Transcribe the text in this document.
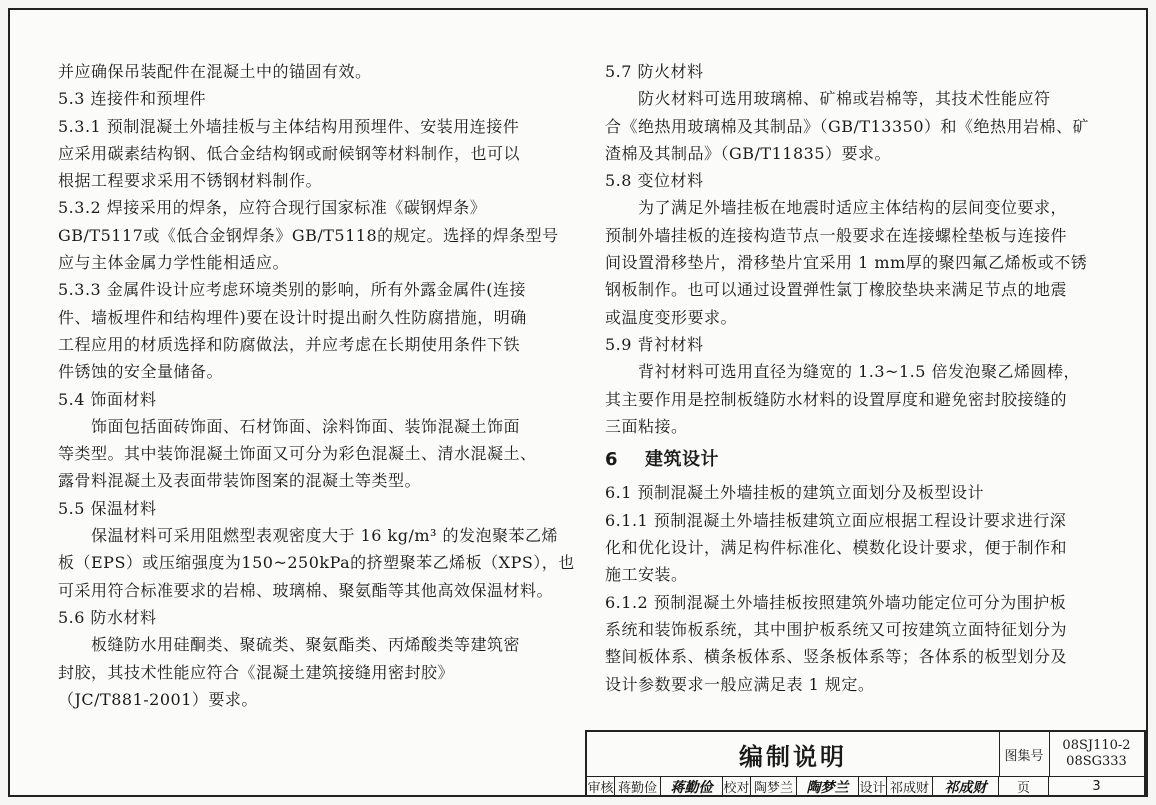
并应确保吊装配件在混凝土中的锚固有效。

5.3 连接件和预埋件

5.3.1 预制混凝土外墙挂板与主体结构用预埋件、安装用连接件

应采用碳素结构钢、低合金结构钢或耐候钢等材料制作，也可以

根据工程要求采用不锈钢材料制作。

5.3.2 焊接采用的焊条，应符合现行国家标准《碳钢焊条》

GB/T5117或《低合金钢焊条》GB/T5118的规定。选择的焊条型号

应与主体金属力学性能相适应。

5.3.3 金属件设计应考虑环境类别的影响，所有外露金属件(连接

件、墙板埋件和结构埋件)要在设计时提出耐久性防腐措施，明确

工程应用的材质选择和防腐做法，并应考虑在长期使用条件下铁

件锈蚀的安全量储备。

5.4 饰面材料

饰面包括面砖饰面、石材饰面、涂料饰面、装饰混凝土饰面

等类型。其中装饰混凝土饰面又可分为彩色混凝土、清水混凝土、

露骨料混凝土及表面带装饰图案的混凝土等类型。

5.5 保温材料

保温材料可采用阻燃型表观密度大于 16 kg/m³ 的发泡聚苯乙烯

板（EPS）或压缩强度为150~250kPa的挤塑聚苯乙烯板（XPS），也

可采用符合标准要求的岩棉、玻璃棉、聚氨酯等其他高效保温材料。

5.6 防水材料

板缝防水用硅酮类、聚硫类、聚氨酯类、丙烯酸类等建筑密

封胶，其技术性能应符合《混凝土建筑接缝用密封胶》

（JC/T881-2001）要求。

5.7 防火材料

防火材料可选用玻璃棉、矿棉或岩棉等，其技术性能应符

合《绝热用玻璃棉及其制品》（GB/T13350）和《绝热用岩棉、矿

渣棉及其制品》（GB/T11835）要求。

5.8 变位材料

为了满足外墙挂板在地震时适应主体结构的层间变位要求，

预制外墙挂板的连接构造节点一般要求在连接螺栓垫板与连接件

间设置滑移垫片，滑移垫片宜采用 1 mm厚的聚四氟乙烯板或不锈

钢板制作。也可以通过设置弹性氯丁橡胶垫块来满足节点的地震

或温度变形要求。

5.9 背衬材料

背衬材料可选用直径为缝宽的 1.3~1.5 倍发泡聚乙烯圆棒，

其主要作用是控制板缝防水材料的设置厚度和避免密封胶接缝的

三面粘接。

6 建筑设计

6.1 预制混凝土外墙挂板的建筑立面划分及板型设计

6.1.1 预制混凝土外墙挂板建筑立面应根据工程设计要求进行深

化和优化设计，满足构件标准化、模数化设计要求，便于制作和

施工安装。

6.1.2 预制混凝土外墙挂板按照建筑外墙功能定位可分为围护板

系统和装饰板系统，其中围护板系统又可按建筑立面特征划分为

整间板体系、横条板体系、竖条板体系等；各体系的板型划分及

设计参数要求一般应满足表 1 规定。

编制说明	图集号
08SJ110-2
08SG333
审核 蒋勤俭 蒋勤俭 校对 陶梦兰 陶梦兰 设计 祁成财	祁成财	页	3
